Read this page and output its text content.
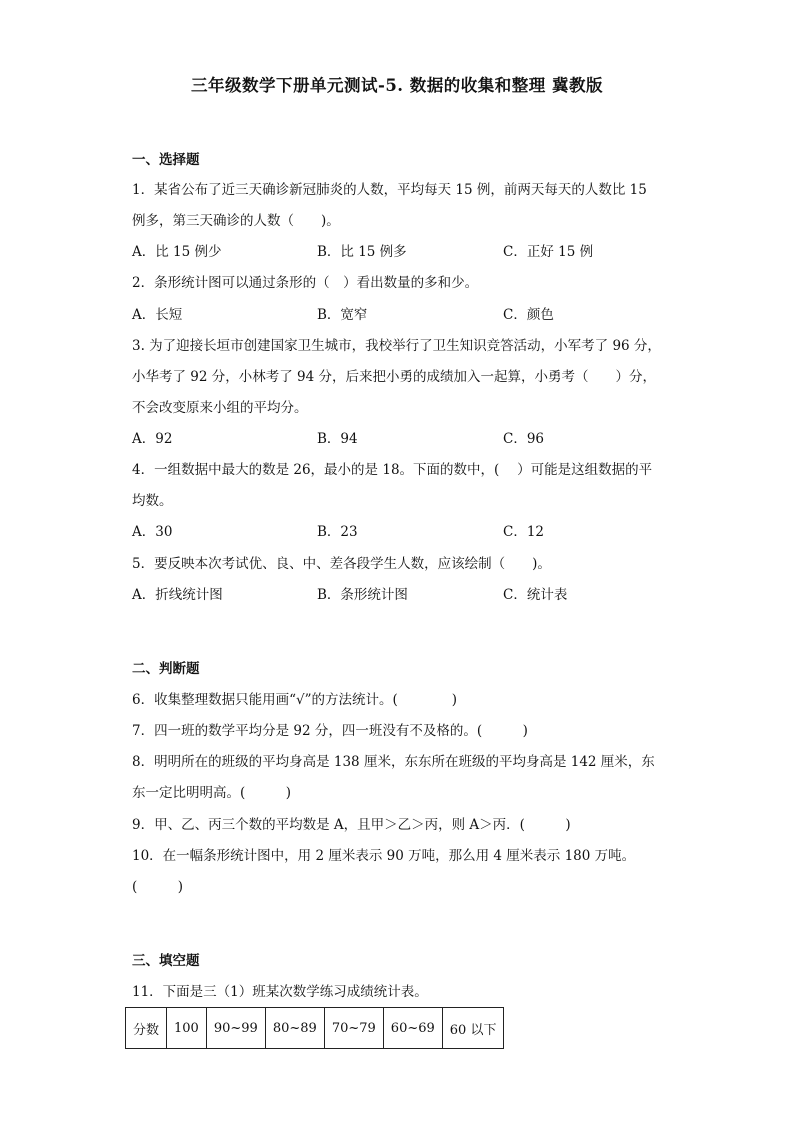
三年级数学下册单元测试-5. 数据的收集和整理 冀教版
一、选择题
1．某省公布了近三天确诊新冠肺炎的人数，平均每天 15 例，前两天每天的人数比 15
例多，第三天确诊的人数（　　)。
A．比 15 例少	B．比 15 例多	C．正好 15 例
2．条形统计图可以通过条形的（　）看出数量的多和少。
A．长短	B．宽窄	C．颜色
3. 为了迎接长垣市创建国家卫生城市，我校举行了卫生知识竞答活动，小军考了 96 分，
小华考了 92 分，小林考了 94 分，后来把小勇的成绩加入一起算，小勇考（　　）分，
不会改变原来小组的平均分。
A．92	B．94	C．96
4．一组数据中最大的数是 26，最小的是 18。下面的数中，(　 ）可能是这组数据的平
均数。
A．30	B．23	C．12
5．要反映本次考试优、良、中、差各段学生人数，应该绘制（　　)。
A．折线统计图	B．条形统计图	C．统计表
二、判断题
6．收集整理数据只能用画“√”的方法统计。(　　　　)
7．四一班的数学平均分是 92 分，四一班没有不及格的。(　　　)
8．明明所在的班级的平均身高是 138 厘米，东东所在班级的平均身高是 142 厘米，东
东一定比明明高。(　　　)
9．甲、乙、丙三个数的平均数是 A，且甲＞乙＞丙，则 A＞丙．(　　　)
10．在一幅条形统计图中，用 2 厘米表示 90 万吨，那么用 4 厘米表示 180 万吨。
(　　　)
三、填空题
11．下面是三（1）班某次数学练习成绩统计表。
分数	100	90~99	80~89	70~79	60~69	60 以下
